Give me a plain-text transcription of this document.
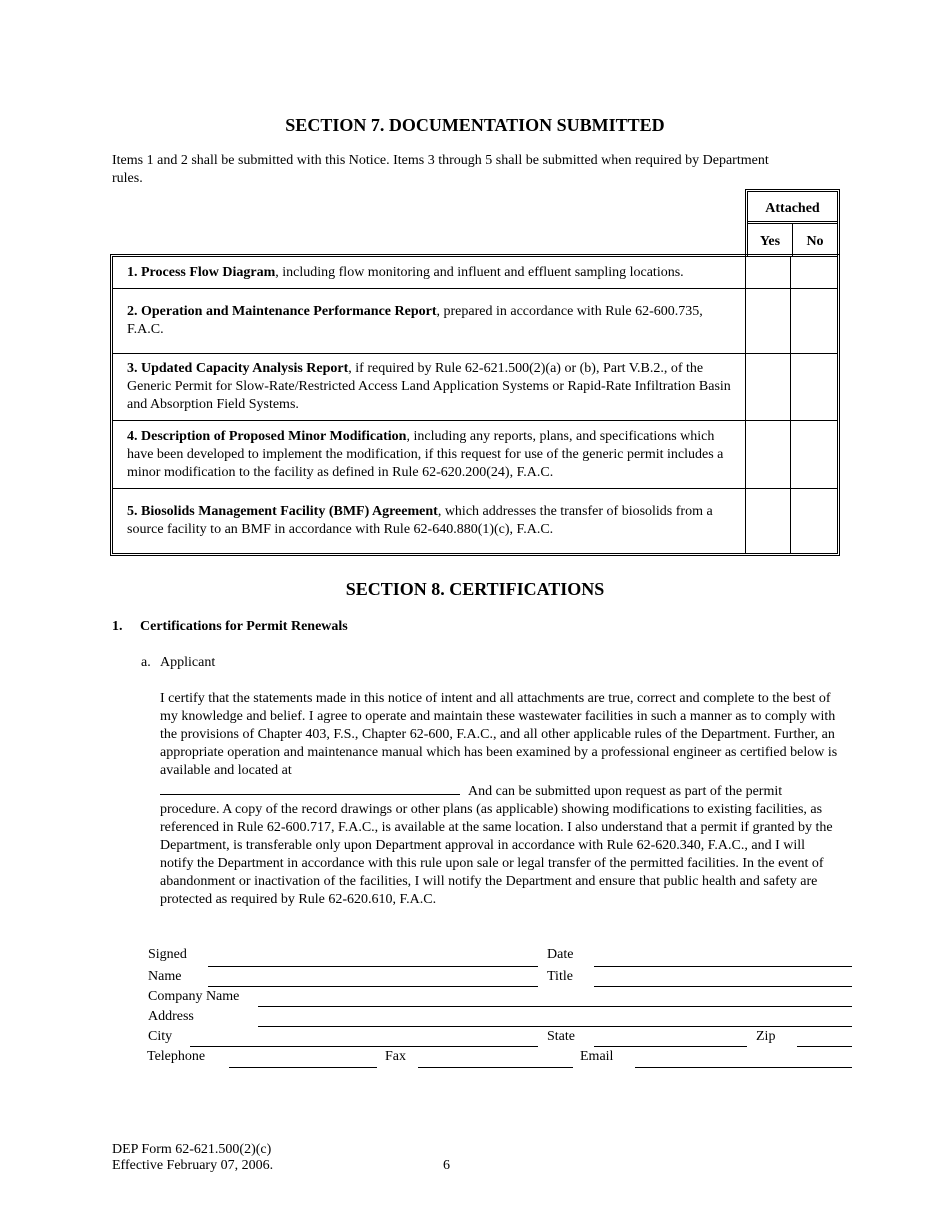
SECTION 7. DOCUMENTATION SUBMITTED
Items 1 and 2 shall be submitted with this Notice. Items 3 through 5 shall be submitted when required by Department rules.
Attached
Yes	No
1. Process Flow Diagram, including flow monitoring and influent and effluent sampling locations.
2. Operation and Maintenance Performance Report, prepared in accordance with Rule 62-600.735, F.A.C.
3. Updated Capacity Analysis Report, if required by Rule 62-621.500(2)(a) or (b), Part V.B.2., of the Generic Permit for Slow-Rate/Restricted Access Land Application Systems or Rapid-Rate Infiltration Basin and Absorption Field Systems.
4. Description of Proposed Minor Modification, including any reports, plans, and specifications which have been developed to implement the modification, if this request for use of the generic permit includes a minor modification to the facility as defined in Rule 62-620.200(24), F.A.C.
5. Biosolids Management Facility (BMF) Agreement, which addresses the transfer of biosolids from a source facility to an BMF in accordance with Rule 62-640.880(1)(c), F.A.C.
SECTION 8. CERTIFICATIONS
1. Certifications for Permit Renewals
a. Applicant
I certify that the statements made in this notice of intent and all attachments are true, correct and complete to the best of my knowledge and belief. I agree to operate and maintain these wastewater facilities in such a manner as to comply with the provisions of Chapter 403, F.S., Chapter 62-600, F.A.C., and all other applicable rules of the Department. Further, an appropriate operation and maintenance manual which has been examined by a professional engineer as certified below is available and located at
And can be submitted upon request as part of the permit procedure. A copy of the record drawings or other plans (as applicable) showing modifications to existing facilities, as referenced in Rule 62-600.717, F.A.C., is available at the same location. I also understand that a permit if granted by the Department, is transferable only upon Department approval in accordance with Rule 62-620.340, F.A.C., and I will notify the Department in accordance with this rule upon sale or legal transfer of the permitted facilities. In the event of abandonment or inactivation of the facilities, I will notify the Department and ensure that public health and safety are protected as required by Rule 62-620.610, F.A.C.
Signed	Date
Name	Title
Company Name
Address
City	State	Zip
Telephone	Fax	Email
DEP Form 62-621.500(2)(c)
Effective February 07, 2006.	6
